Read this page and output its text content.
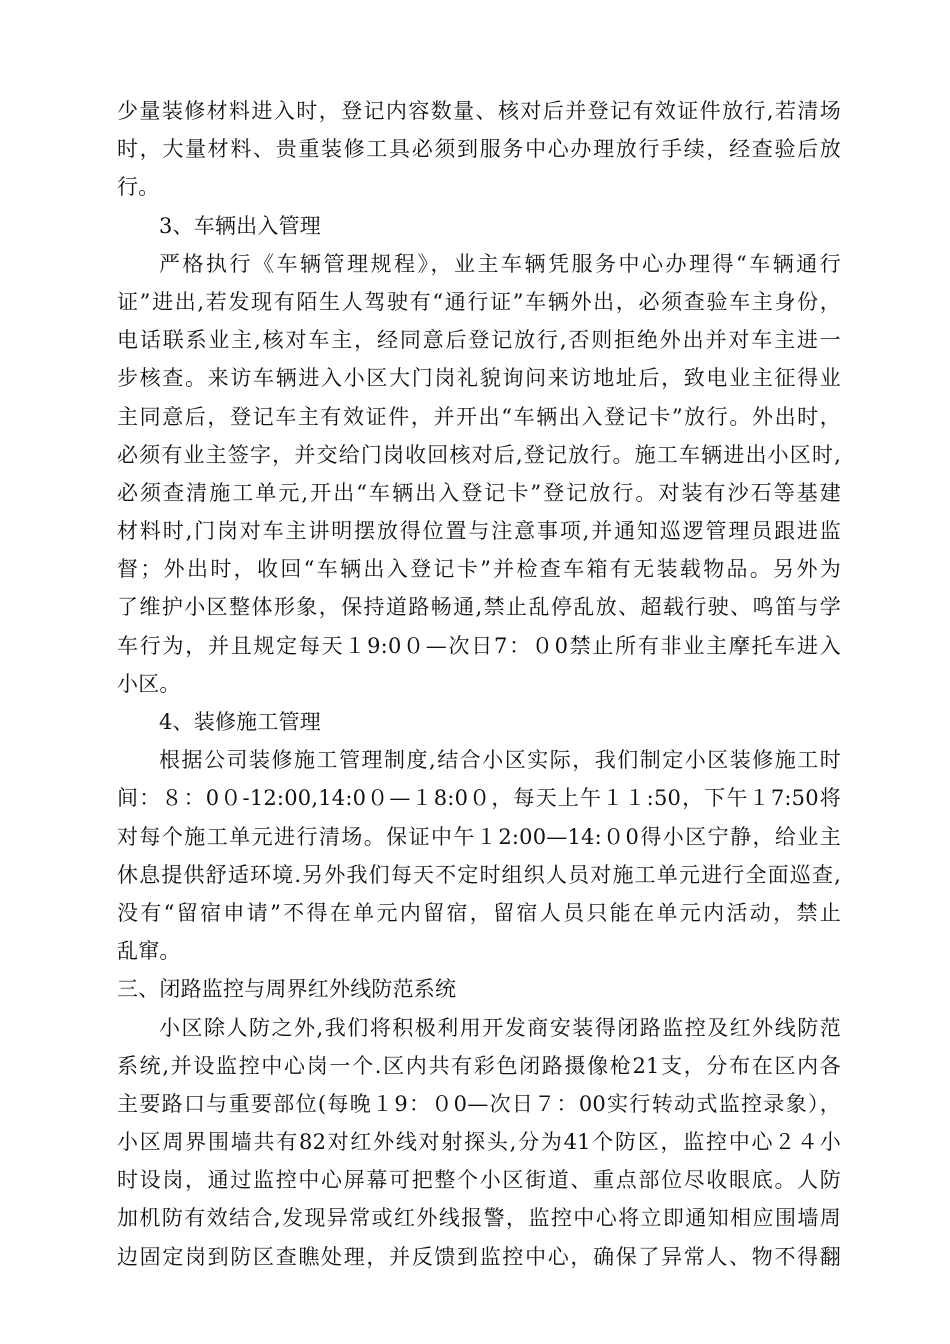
少量装修材料进入时，登记内容数量、核对后并登记有效证件放行,若清场
时，大量材料、贵重装修工具必须到服务中心办理放行手续，经查验后放
行。
3、车辆出入管理
严格执行《车辆管理规程》，业主车辆凭服务中心办理得“车辆通行
证”进出,若发现有陌生人驾驶有“通行证”车辆外出，必须查验车主身份，
电话联系业主,核对车主，经同意后登记放行,否则拒绝外出并对车主进一
步核查。来访车辆进入小区大门岗礼貌询问来访地址后，致电业主征得业
主同意后，登记车主有效证件，并开出“车辆出入登记卡”放行。外出时，
必须有业主签字，并交给门岗收回核对后,登记放行。施工车辆进出小区时,
必须查清施工单元,开出“车辆出入登记卡”登记放行。对装有沙石等基建
材料时,门岗对车主讲明摆放得位置与注意事项,并通知巡逻管理员跟进监
督；外出时，收回“车辆出入登记卡”并检查车箱有无装载物品。另外为
了维护小区整体形象，保持道路畅通,禁止乱停乱放、超载行驶、鸣笛与学
车行为，并且规定每天１9:0０—次日7：０0禁止所有非业主摩托车进入
小区。
4、装修施工管理
根据公司装修施工管理制度,结合小区实际，我们制定小区装修施工时
间：８：0０-12:00,14:0０—１8:0０，每天上午１１:50，下午１7:50将
对每个施工单元进行清场。保证中午１2:00—14:０0得小区宁静，给业主
休息提供舒适环境.另外我们每天不定时组织人员对施工单元进行全面巡查,
没有“留宿申请”不得在单元内留宿，留宿人员只能在单元内活动，禁止
乱窜。
三、闭路监控与周界红外线防范系统
小区除人防之外,我们将积极利用开发商安装得闭路监控及红外线防范
系统,并设监控中心岗一个.区内共有彩色闭路摄像枪21支，分布在区内各
主要路口与重要部位(每晚１9：０0—次日７：00实行转动式监控录象），
小区周界围墙共有82对红外线对射探头,分为41个防区，监控中心２４小
时设岗，通过监控中心屏幕可把整个小区街道、重点部位尽收眼底。人防
加机防有效结合,发现异常或红外线报警，监控中心将立即通知相应围墙周
边固定岗到防区查瞧处理，并反馈到监控中心，确保了异常人、物不得翻
